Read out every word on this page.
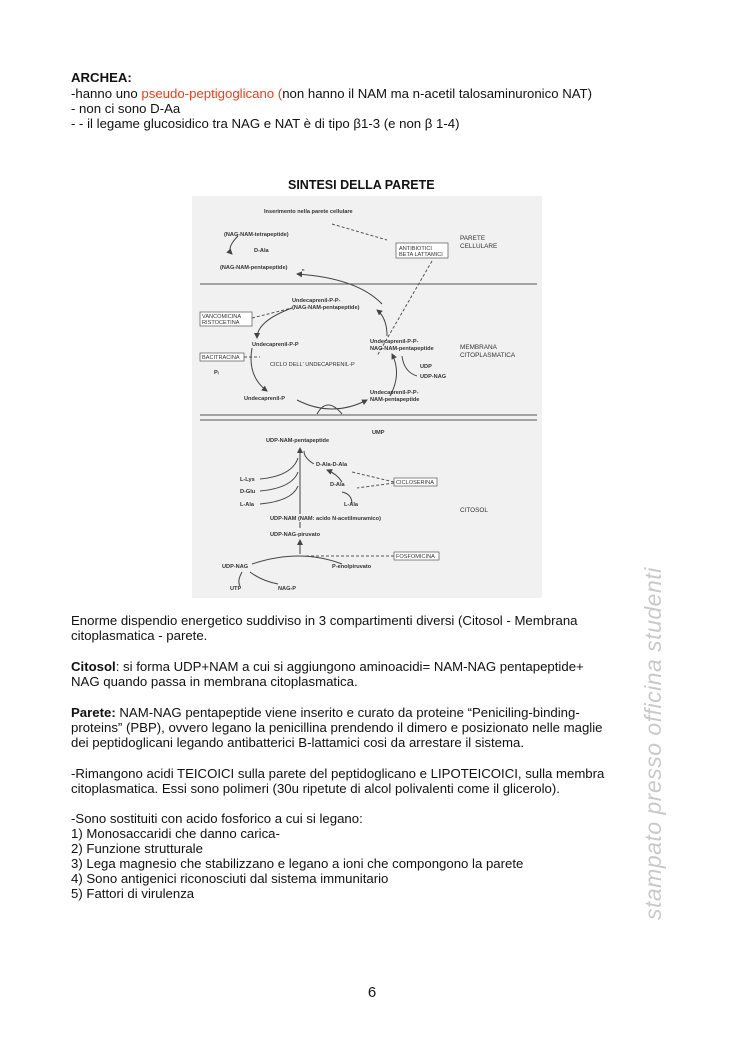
ARCHEA:
-hanno uno pseudo-peptigoglicano (non hanno il NAM ma n-acetil talosaminuronico NAT)
- non ci sono D-Aa
- - il legame glucosidico tra NAG e NAT è di tipo β1-3 (e non β 1-4)
SINTESI DELLA PARETE
PARETE
CELLULARE
MEMBRANA
CITOPLASMATICA
CITOSOL
Inserimento nella parete cellulare
(NAG-NAM-tetrapeptide)
D-Ala
(NAG-NAM-pentapeptide)	n
ANTIBIOTICI
BETA LATTAMICI
Undecaprenil-P-P-
(NAG-NAM-pentapeptide)
VANCOMICINA
RISTOCETINA
Undecaprenil-P-P
BACITRACINA
Pᵢ
CICLO DELL' UNDECAPRENIL-P
Undecaprenil-P-P-
NAG-NAM-pentapeptide
UDP
UDP-NAG
Undecaprenil-P
Undecaprenil-P-P-
NAM-pentapeptide
UMP
UDP-NAM-pentapeptide
D-Ala-D-Ala
L-Lys
D-Glu
L-Ala
D-Ala
L-Ala
CICLOSERINA
UDP-NAM (NAM: acido N-acetilmuramico)
UDP-NAG-piruvato
FOSFOMICINA
UDP-NAG	P-enolpiruvato
UTP	NAG-P
Enorme dispendio energetico suddiviso in 3 compartimenti diversi (Citosol - Membrana
citoplasmatica - parete.
Citosol: si forma UDP+NAM a cui si aggiungono aminoacidi= NAM-NAG pentapeptide+
NAG quando passa in membrana citoplasmatica.
Parete: NAM-NAG pentapeptide viene inserito e curato da proteine “Peniciling-binding-
proteins” (PBP), ovvero legano la penicillina prendendo il dimero e posizionato nelle maglie
dei peptidoglicani legando antibatterici B-lattamici cosi da arrestare il sistema.
-Rimangono acidi TEICOICI sulla parete del peptidoglicano e LIPOTEICOICI, sulla membra
citoplasmatica. Essi sono polimeri (30u ripetute di alcol polivalenti come il glicerolo).
-Sono sostituiti con acido fosforico a cui si legano:
1) Monosaccaridi che danno carica-
2) Funzione strutturale
3) Lega magnesio che stabilizzano e legano a ioni che compongono la parete
4) Sono antigenici riconosciuti dal sistema immunitario
5) Fattori di virulenza	stampato presso officina studenti
6
